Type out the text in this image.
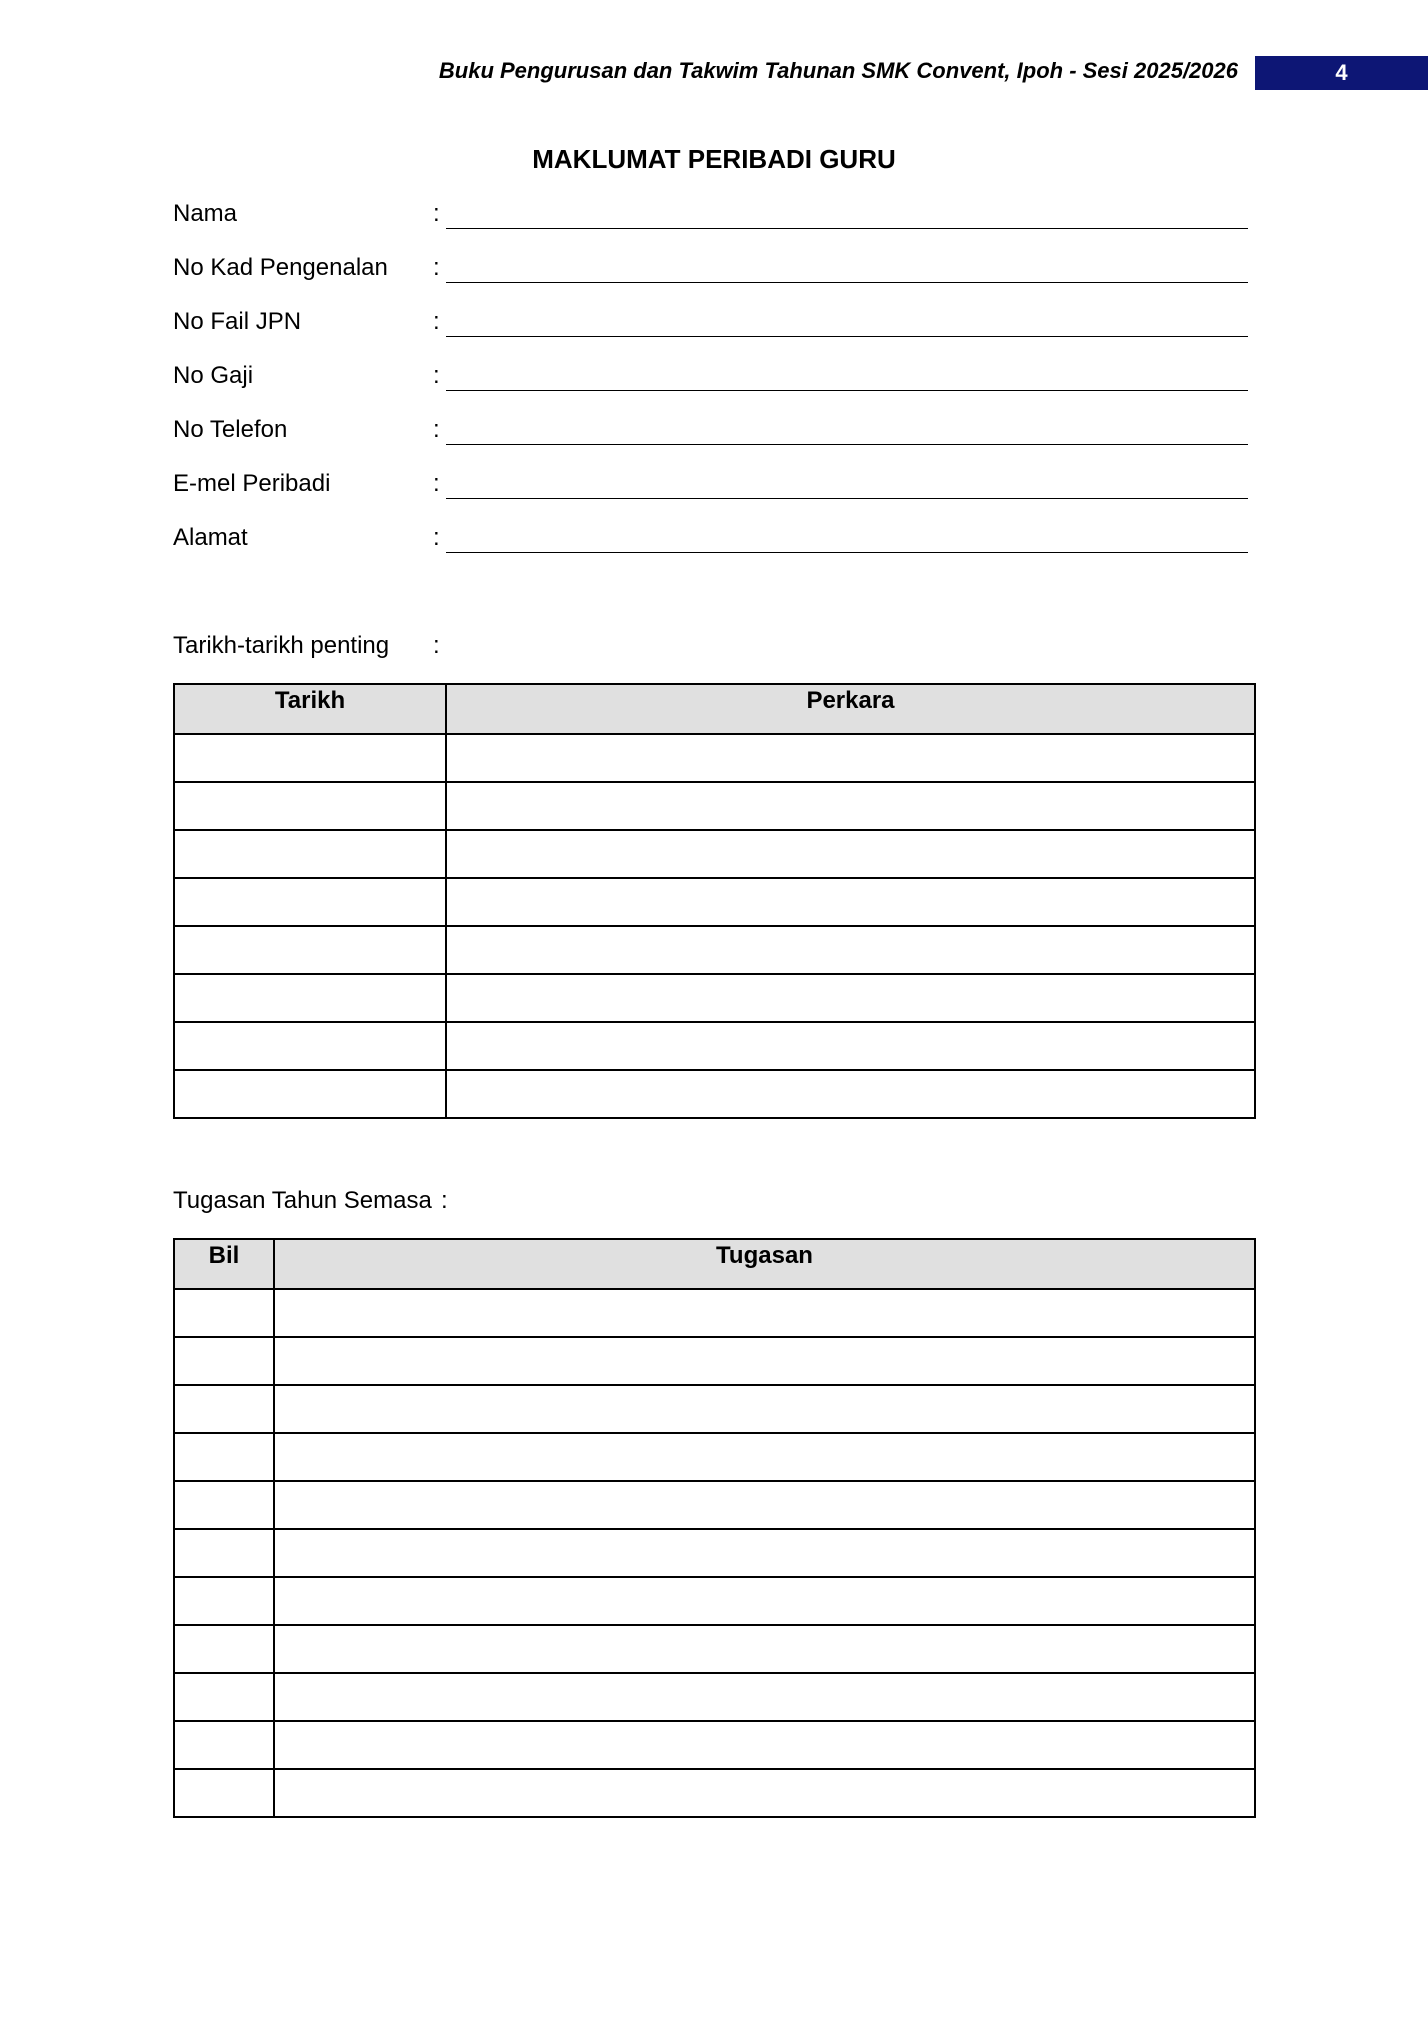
Buku Pengurusan dan Takwim Tahunan SMK Convent, Ipoh - Sesi 2025/2026	4
MAKLUMAT PERIBADI GURU
Nama	:
No Kad Pengenalan :
No Fail JPN	:
No Gaji	:
No Telefon	:
E-mel Peribadi	:
Alamat	:
Tarikh-tarikh penting :
Tarikh	Perkara

Tugasan Tahun Semasa :
Bil	Tugasan
